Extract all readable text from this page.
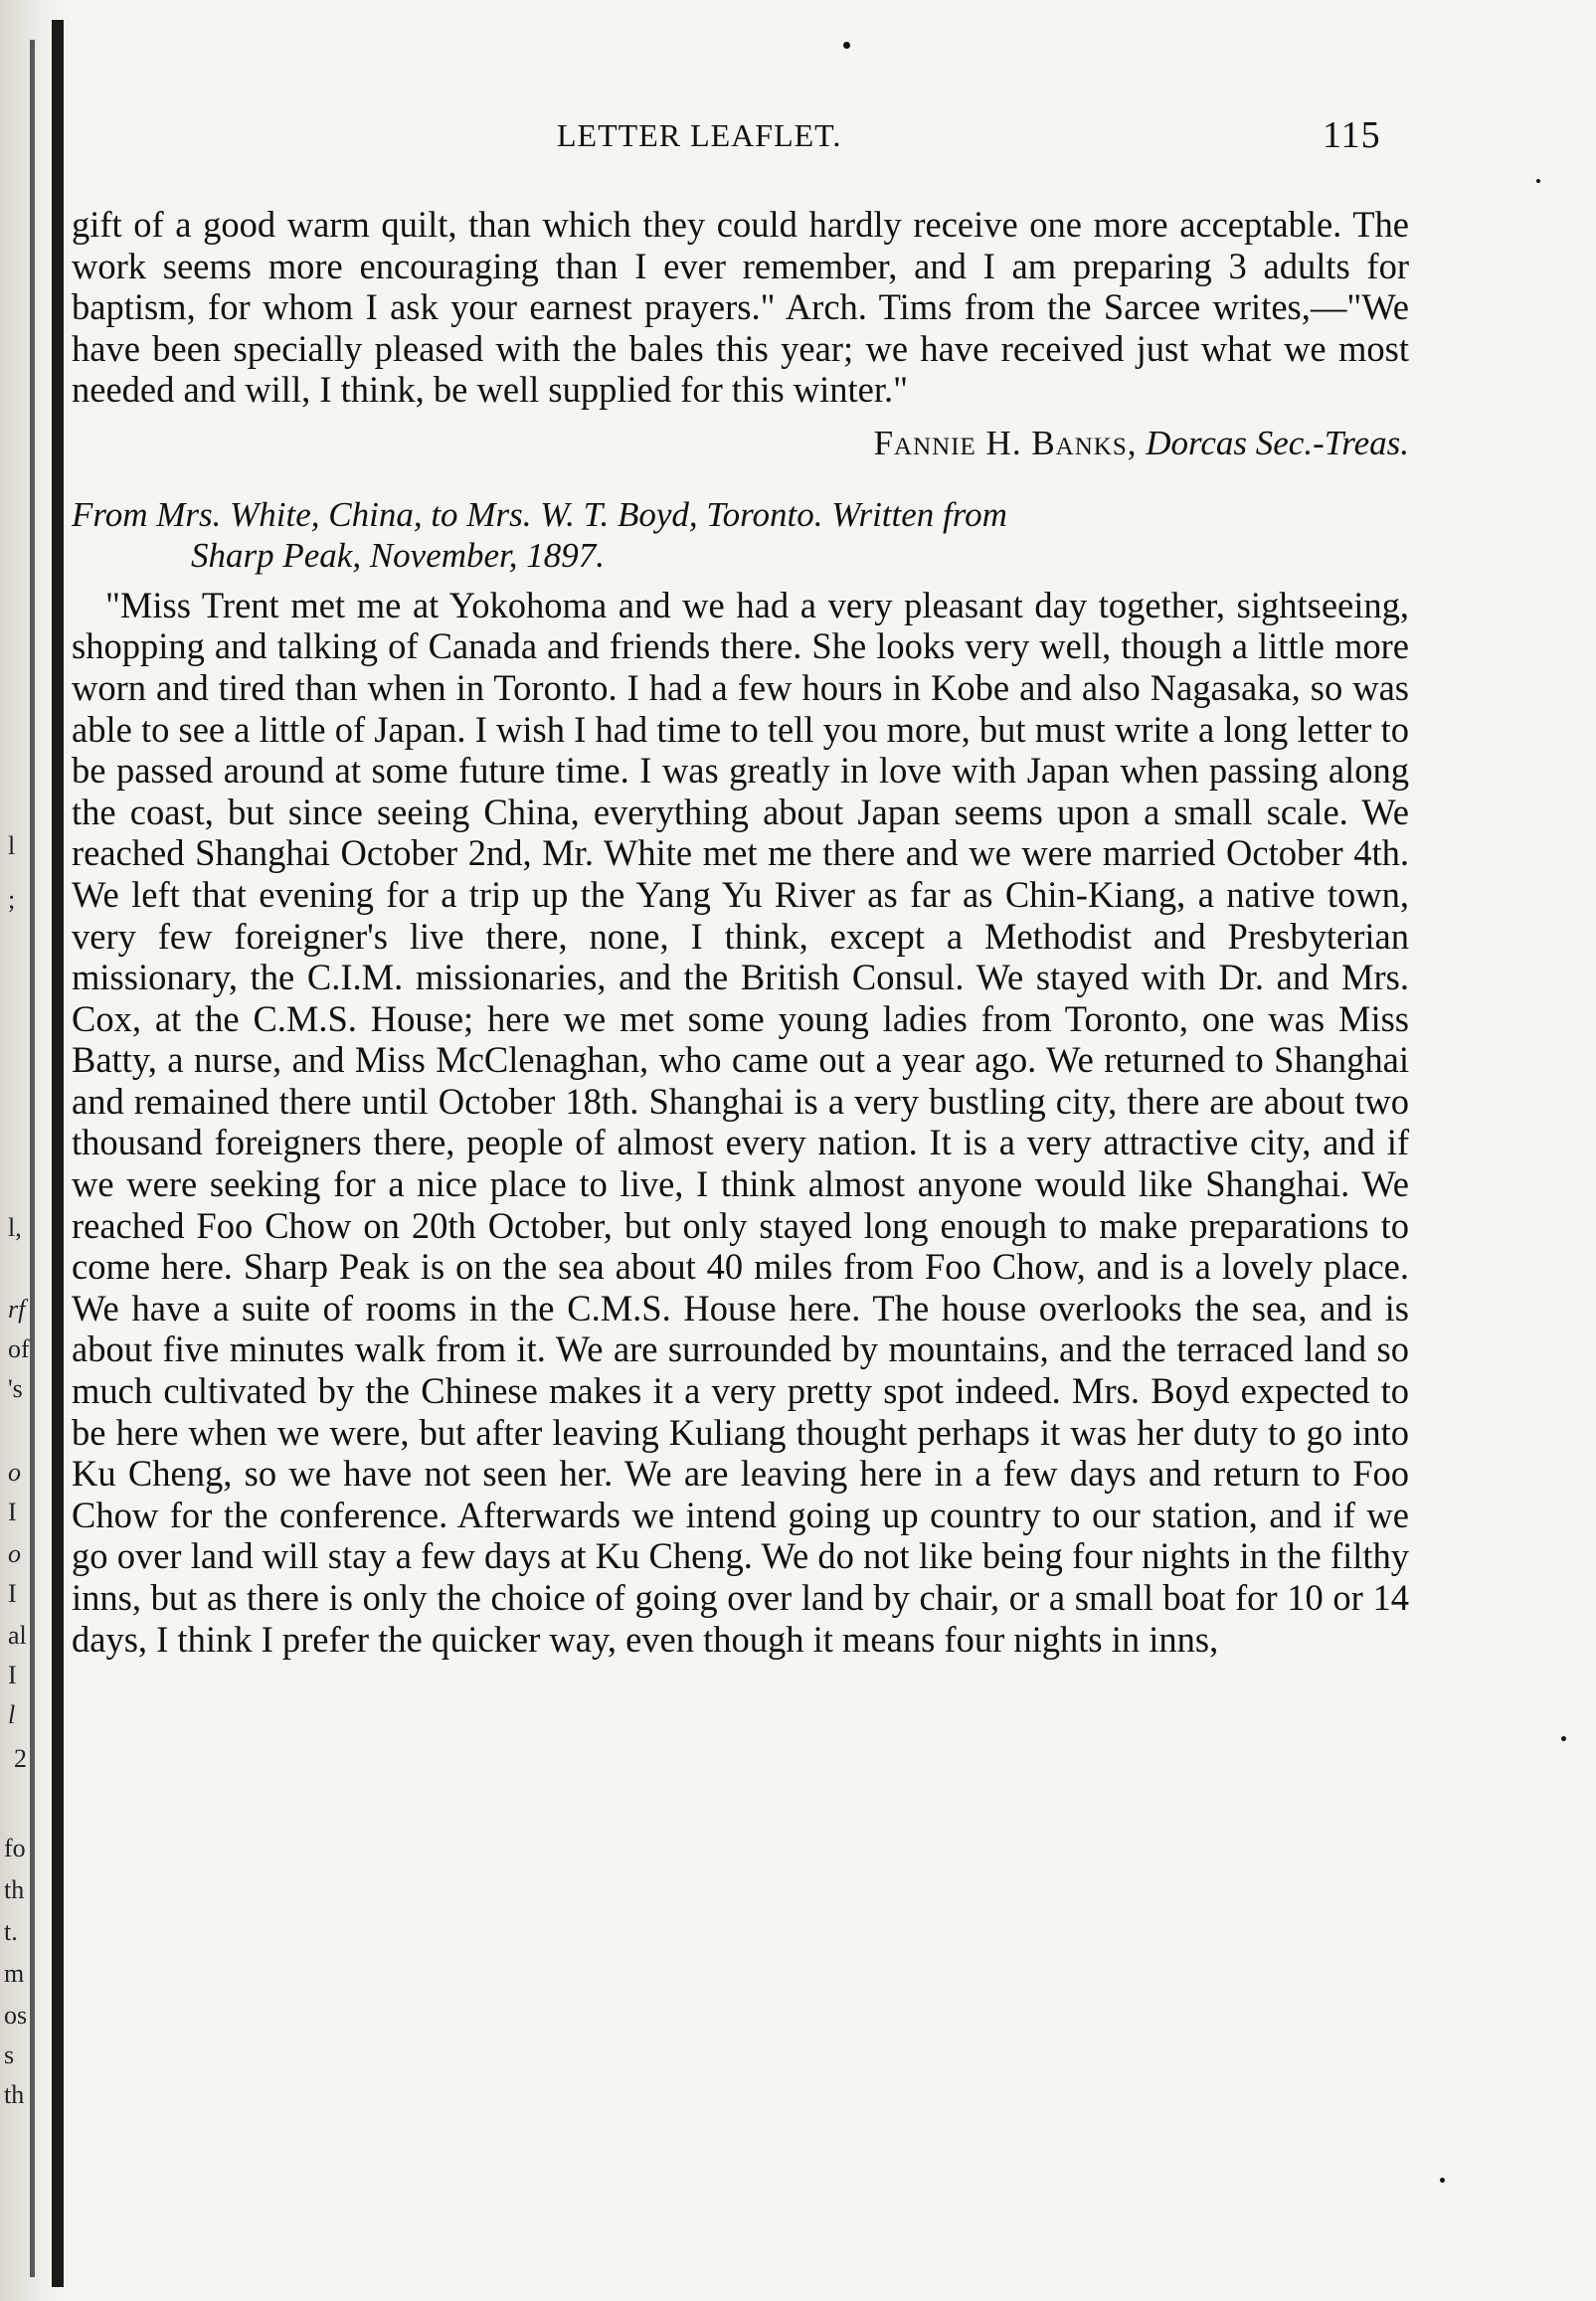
l
;
l,
rf
of
's
o
I
o
I
al
I
l
2
fo
th
t.
m
os
s
th
LETTER LEAFLET.	115

gift of a good warm quilt, than which they could hardly receive one more acceptable. The work seems more encouraging than I ever remember, and I am preparing 3 adults for baptism, for whom I ask your earnest prayers." Arch. Tims from the Sarcee writes,—"We have been specially pleased with the bales this year; we have received just what we most needed and will, I think, be well supplied for this winter."

Fannie H. Banks, Dorcas Sec.-Treas.

From Mrs. White, China, to Mrs. W. T. Boyd, Toronto. Written from
Sharp Peak, November, 1897.

"Miss Trent met me at Yokohoma and we had a very pleasant day together, sightseeing, shopping and talking of Canada and friends there. She looks very well, though a little more worn and tired than when in Toronto. I had a few hours in Kobe and also Nagasaka, so was able to see a little of Japan. I wish I had time to tell you more, but must write a long letter to be passed around at some future time. I was greatly in love with Japan when passing along the coast, but since seeing China, everything about Japan seems upon a small scale. We reached Shanghai October 2nd, Mr. White met me there and we were married October 4th. We left that evening for a trip up the Yang Yu River as far as Chin-Kiang, a native town, very few foreigner's live there, none, I think, except a Methodist and Presbyterian missionary, the C.I.M. missionaries, and the British Consul. We stayed with Dr. and Mrs. Cox, at the C.M.S. House; here we met some young ladies from Toronto, one was Miss Batty, a nurse, and Miss McClenaghan, who came out a year ago. We returned to Shanghai and remained there until October 18th. Shanghai is a very bustling city, there are about two thousand foreigners there, people of almost every nation. It is a very attractive city, and if we were seeking for a nice place to live, I think almost anyone would like Shanghai. We reached Foo Chow on 20th October, but only stayed long enough to make preparations to come here. Sharp Peak is on the sea about 40 miles from Foo Chow, and is a lovely place. We have a suite of rooms in the C.M.S. House here. The house overlooks the sea, and is about five minutes walk from it. We are surrounded by mountains, and the terraced land so much cultivated by the Chinese makes it a very pretty spot indeed. Mrs. Boyd expected to be here when we were, but after leaving Kuliang thought perhaps it was her duty to go into Ku Cheng, so we have not seen her. We are leaving here in a few days and return to Foo Chow for the conference. Afterwards we intend going up country to our station, and if we go over land will stay a few days at Ku Cheng. We do not like being four nights in the filthy inns, but as there is only the choice of going over land by chair, or a small boat for 10 or 14 days, I think I prefer the quicker way, even though it means four nights in inns,
